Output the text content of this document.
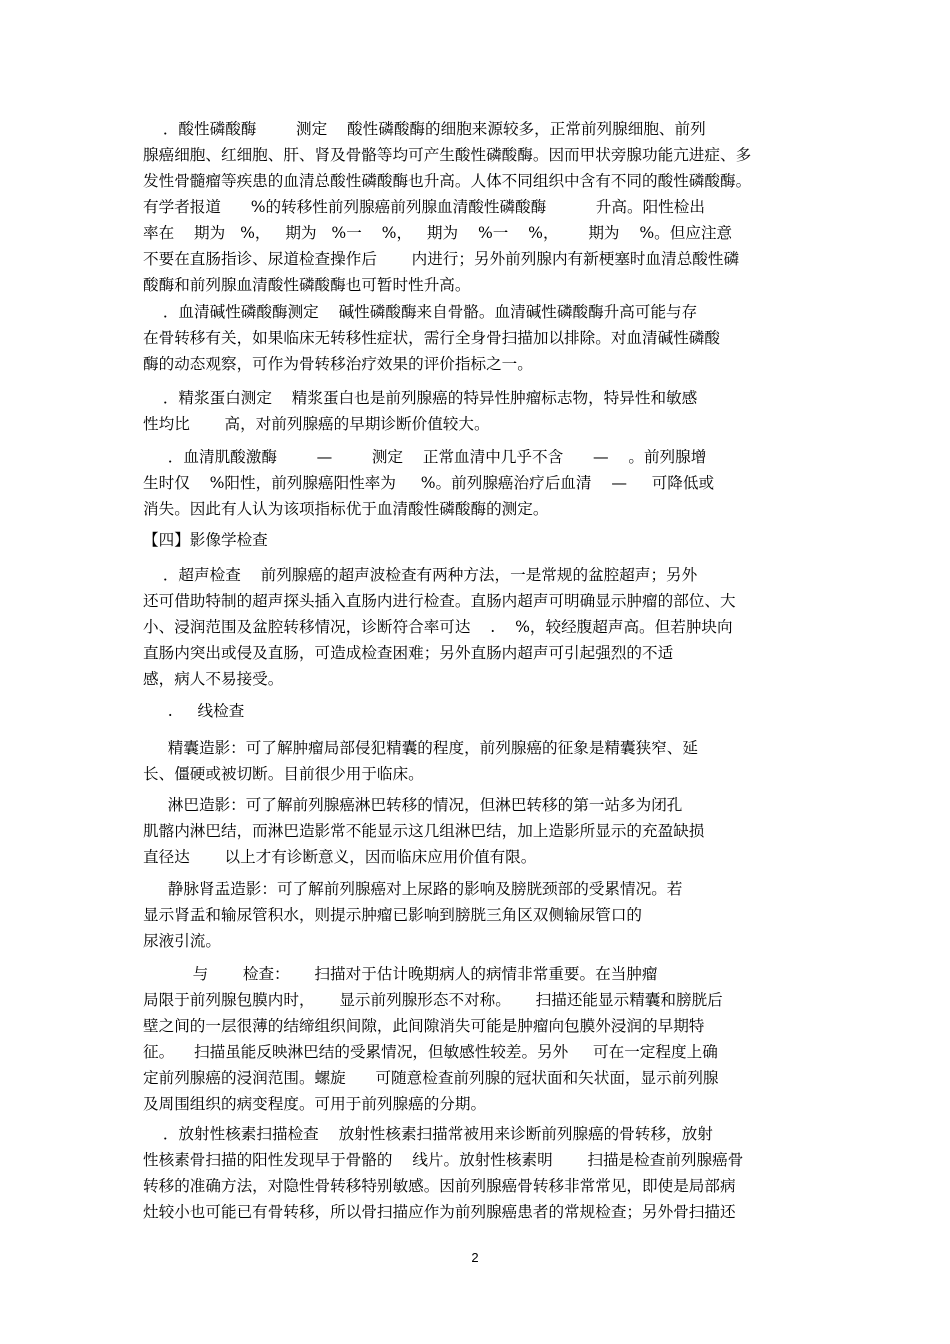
．酸性磷酸酶        测定    酸性磷酸酶的细胞来源较多，正常前列腺细胞、前列
腺癌细胞、红细胞、肝、肾及骨骼等均可产生酸性磷酸酶。因而甲状旁腺功能亢进症、多
发性骨髓瘤等疾患的血清总酸性磷酸酶也升高。人体不同组织中含有不同的酸性磷酸酶。
有学者报道      %的转移性前列腺癌前列腺血清酸性磷酸酶          升高。阳性检出
率在    期为   %，   期为   %一    %，   期为    %一    %，      期为    %。但应注意
不要在直肠指诊、尿道检查操作后       内进行；另外前列腺内有新梗塞时血清总酸性磷
酸酶和前列腺血清酸性磷酸酶也可暂时性升高。
．血清碱性磷酸酶测定    碱性磷酸酶来自骨骼。血清碱性磷酸酶升高可能与存
在骨转移有关，如果临床无转移性症状，需行全身骨扫描加以排除。对血清碱性磷酸
酶的动态观察，可作为骨转移治疗效果的评价指标之一。
．精浆蛋白测定    精浆蛋白也是前列腺癌的特异性肿瘤标志物，特异性和敏感
性均比       高，对前列腺癌的早期诊断价值较大。
．血清肌酸激酶        —        测定    正常血清中几乎不含      —    。前列腺增
生时仅    %阳性，前列腺癌阳性率为     %。前列腺癌治疗后血清    —     可降低或
消失。因此有人认为该项指标优于血清酸性磷酸酶的测定。
【四】影像学检查
．超声检查    前列腺癌的超声波检查有两种方法，一是常规的盆腔超声；另外
还可借助特制的超声探头插入直肠内进行检查。直肠内超声可明确显示肿瘤的部位、大
小、浸润范围及盆腔转移情况，诊断符合率可达    .    %，较经腹超声高。但若肿块向
直肠内突出或侵及直肠，可造成检查困难；另外直肠内超声可引起强烈的不适
感，病人不易接受。
.     线检查
精囊造影：可了解肿瘤局部侵犯精囊的程度，前列腺癌的征象是精囊狭窄、延
长、僵硬或被切断。目前很少用于临床。
淋巴造影：可了解前列腺癌淋巴转移的情况，但淋巴转移的第一站多为闭孔
肌髂内淋巴结，而淋巴造影常不能显示这几组淋巴结，加上造影所显示的充盈缺损
直径达       以上才有诊断意义，因而临床应用价值有限。
静脉肾盂造影：可了解前列腺癌对上尿路的影响及膀胱颈部的受累情况。若
显示肾盂和输尿管积水，则提示肿瘤已影响到膀胱三角区双侧输尿管口的
尿液引流。
与       检查：     扫描对于估计晚期病人的病情非常重要。在当肿瘤
局限于前列腺包膜内时，     显示前列腺形态不对称。     扫描还能显示精囊和膀胱后
壁之间的一层很薄的结缔组织间隙，此间隙消失可能是肿瘤向包膜外浸润的早期特
征。    扫描虽能反映淋巴结的受累情况，但敏感性较差。另外     可在一定程度上确
定前列腺癌的浸润范围。螺旋      可随意检查前列腺的冠状面和矢状面，显示前列腺
及周围组织的病变程度。可用于前列腺癌的分期。
．放射性核素扫描检查    放射性核素扫描常被用来诊断前列腺癌的骨转移，放射
性核素骨扫描的阳性发现早于骨骼的    线片。放射性核素明       扫描是检查前列腺癌骨
转移的准确方法，对隐性骨转移特别敏感。因前列腺癌骨转移非常常见，即使是局部病
灶较小也可能已有骨转移，所以骨扫描应作为前列腺癌患者的常规检查；另外骨扫描还
2
